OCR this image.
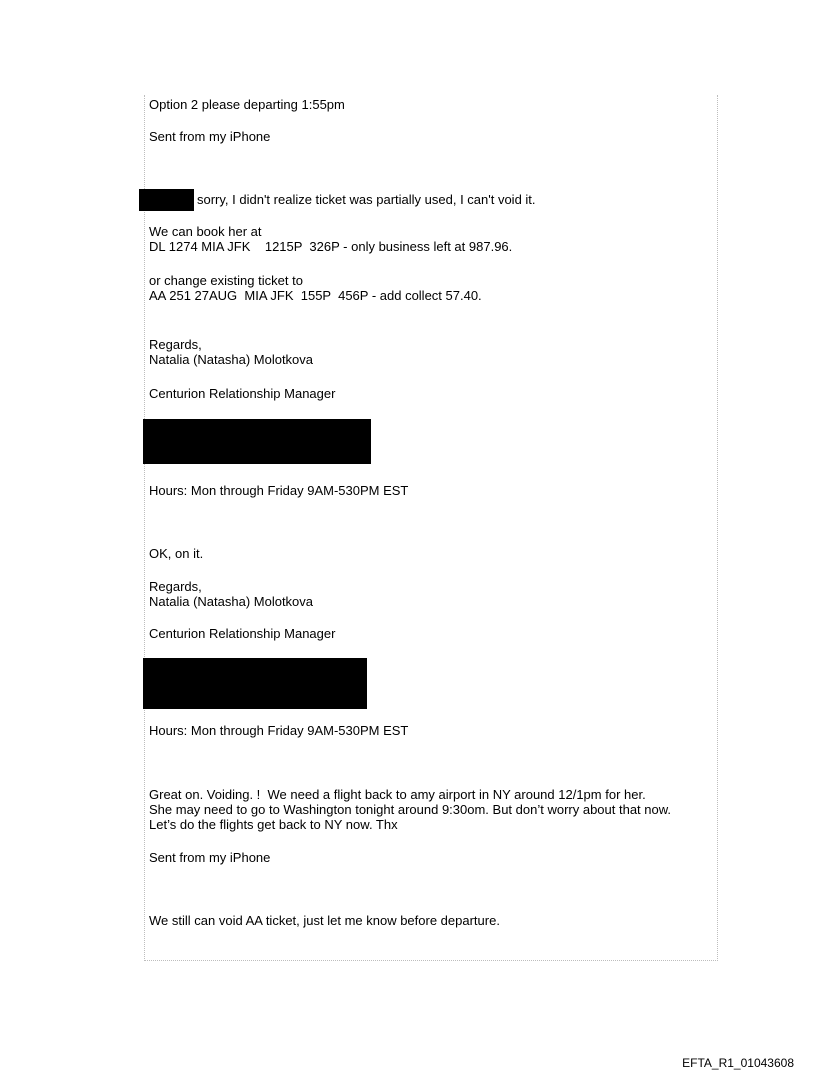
Option 2 please departing 1:55pm
Sent from my iPhone
sorry, I didn't realize ticket was partially used, I can't void it.
We can book her at
DL 1274 MIA JFK    1215P  326P - only business left at 987.96.
or change existing ticket to
AA 251 27AUG  MIA JFK  155P  456P - add collect 57.40.
Regards,
Natalia (Natasha) Molotkova
Centurion Relationship Manager
Hours: Mon through Friday 9AM-530PM EST
OK, on it.
Regards,
Natalia (Natasha) Molotkova
Centurion Relationship Manager
Hours: Mon through Friday 9AM-530PM EST
Great on. Voiding. !  We need a flight back to amy airport in NY around 12/1pm for her.
She may need to go to Washington tonight around 9:30om. But don’t worry about that now.
Let’s do the flights get back to NY now. Thx
Sent from my iPhone
We still can void AA ticket, just let me know before departure.
EFTA_R1_01043608
